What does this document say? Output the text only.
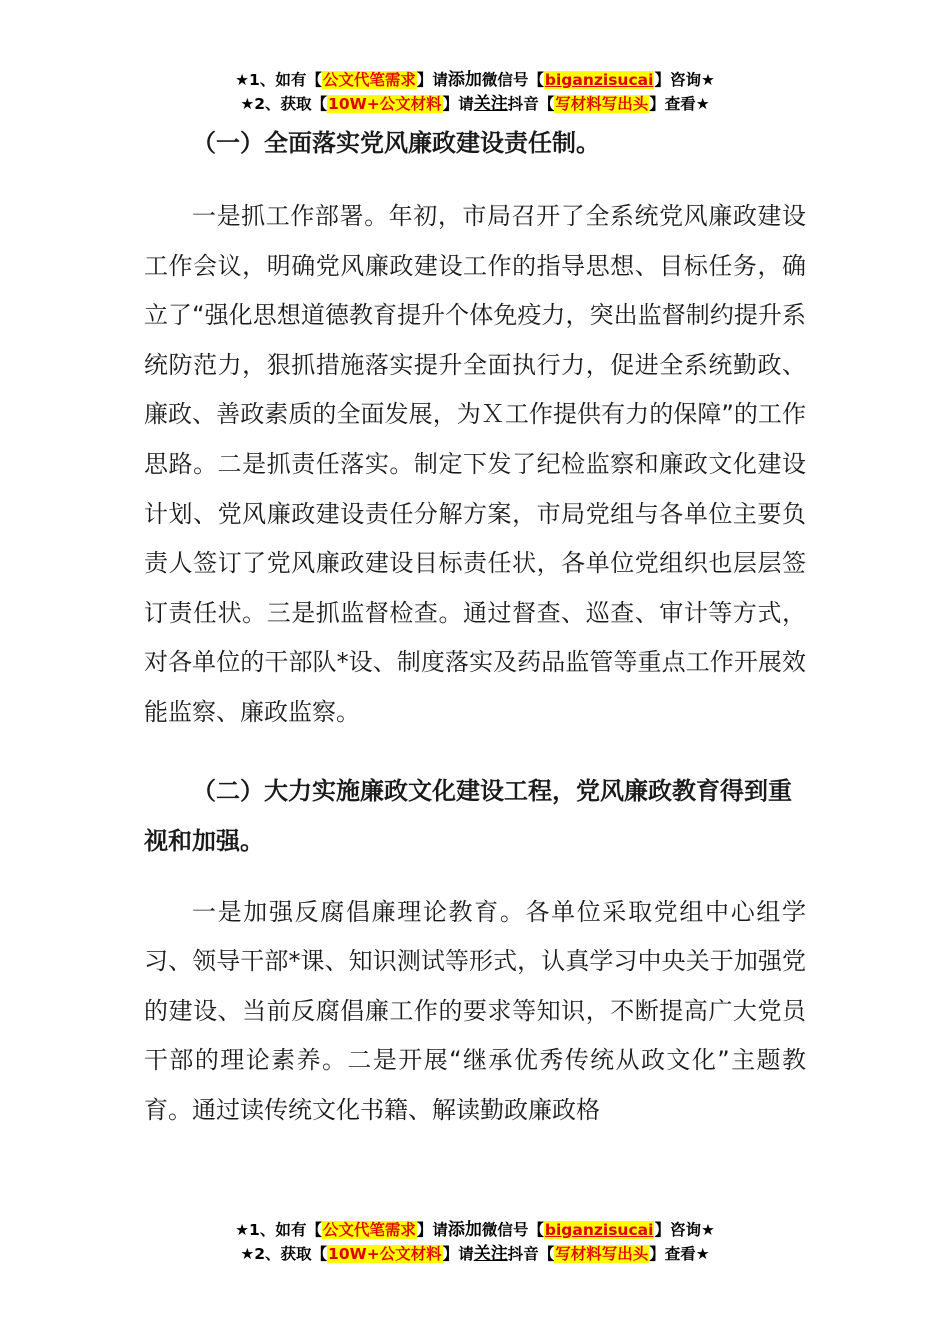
★1、如有【公文代笔需求】请添加微信号【biganzisucai】咨询★
★2、获取【10W+公文材料】请关注抖音【写材料写出头】查看★

（一）全面落实党风廉政建设责任制。

一是抓工作部署。年初，市局召开了全系统党风廉政建设工作会议，明确党风廉政建设工作的指导思想、目标任务，确立了“强化思想道德教育提升个体免疫力，突出监督制约提升系统防范力，狠抓措施落实提升全面执行力，促进全系统勤政、廉政、善政素质的全面发展，为Ｘ工作提供有力的保障”的工作思路。二是抓责任落实。制定下发了纪检监察和廉政文化建设计划、党风廉政建设责任分解方案，市局党组与各单位主要负责人签订了党风廉政建设目标责任状，各单位党组织也层层签订责任状。三是抓监督检查。通过督查、巡查、审计等方式，对各单位的干部队*设、制度落实及药品监管等重点工作开展效能监察、廉政监察。

（二）大力实施廉政文化建设工程，党风廉政教育得到重视和加强。

一是加强反腐倡廉理论教育。各单位采取党组中心组学习、领导干部*课、知识测试等形式，认真学习中央关于加强党的建设、当前反腐倡廉工作的要求等知识，不断提高广大党员干部的理论素养。二是开展“继承优秀传统从政文化”主题教育。通过读传统文化书籍、解读勤政廉政格

★1、如有【公文代笔需求】请添加微信号【biganzisucai】咨询★
★2、获取【10W+公文材料】请关注抖音【写材料写出头】查看★
